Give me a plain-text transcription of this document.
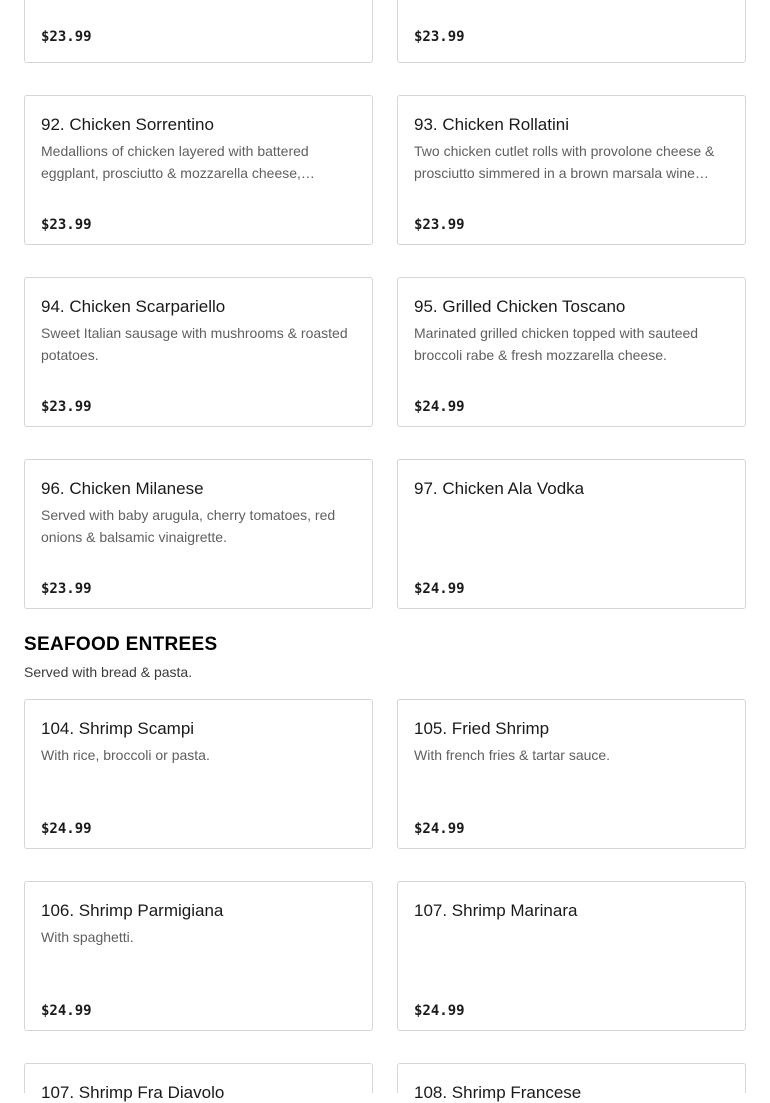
$23.99	$23.99
92. Chicken Sorrentino
Medallions of chicken layered with battered eggplant, prosciutto & mozzarella cheese,…
$23.99
93. Chicken Rollatini
Two chicken cutlet rolls with provolone cheese & prosciutto simmered in a brown marsala wine…
$23.99
94. Chicken Scarpariello
Sweet Italian sausage with mushrooms & roasted potatoes.
$23.99
95. Grilled Chicken Toscano
Marinated grilled chicken topped with sauteed broccoli rabe & fresh mozzarella cheese.
$24.99
96. Chicken Milanese
Served with baby arugula, cherry tomatoes, red onions & balsamic vinaigrette.
$23.99
97. Chicken Ala Vodka
$24.99
SEAFOOD ENTREES
Served with bread & pasta.
104. Shrimp Scampi
With rice, broccoli or pasta.
$24.99
105. Fried Shrimp
With french fries & tartar sauce.
$24.99
106. Shrimp Parmigiana
With spaghetti.
$24.99
107. Shrimp Marinara
$24.99
107. Shrimp Fra Diavolo	108. Shrimp Francese
